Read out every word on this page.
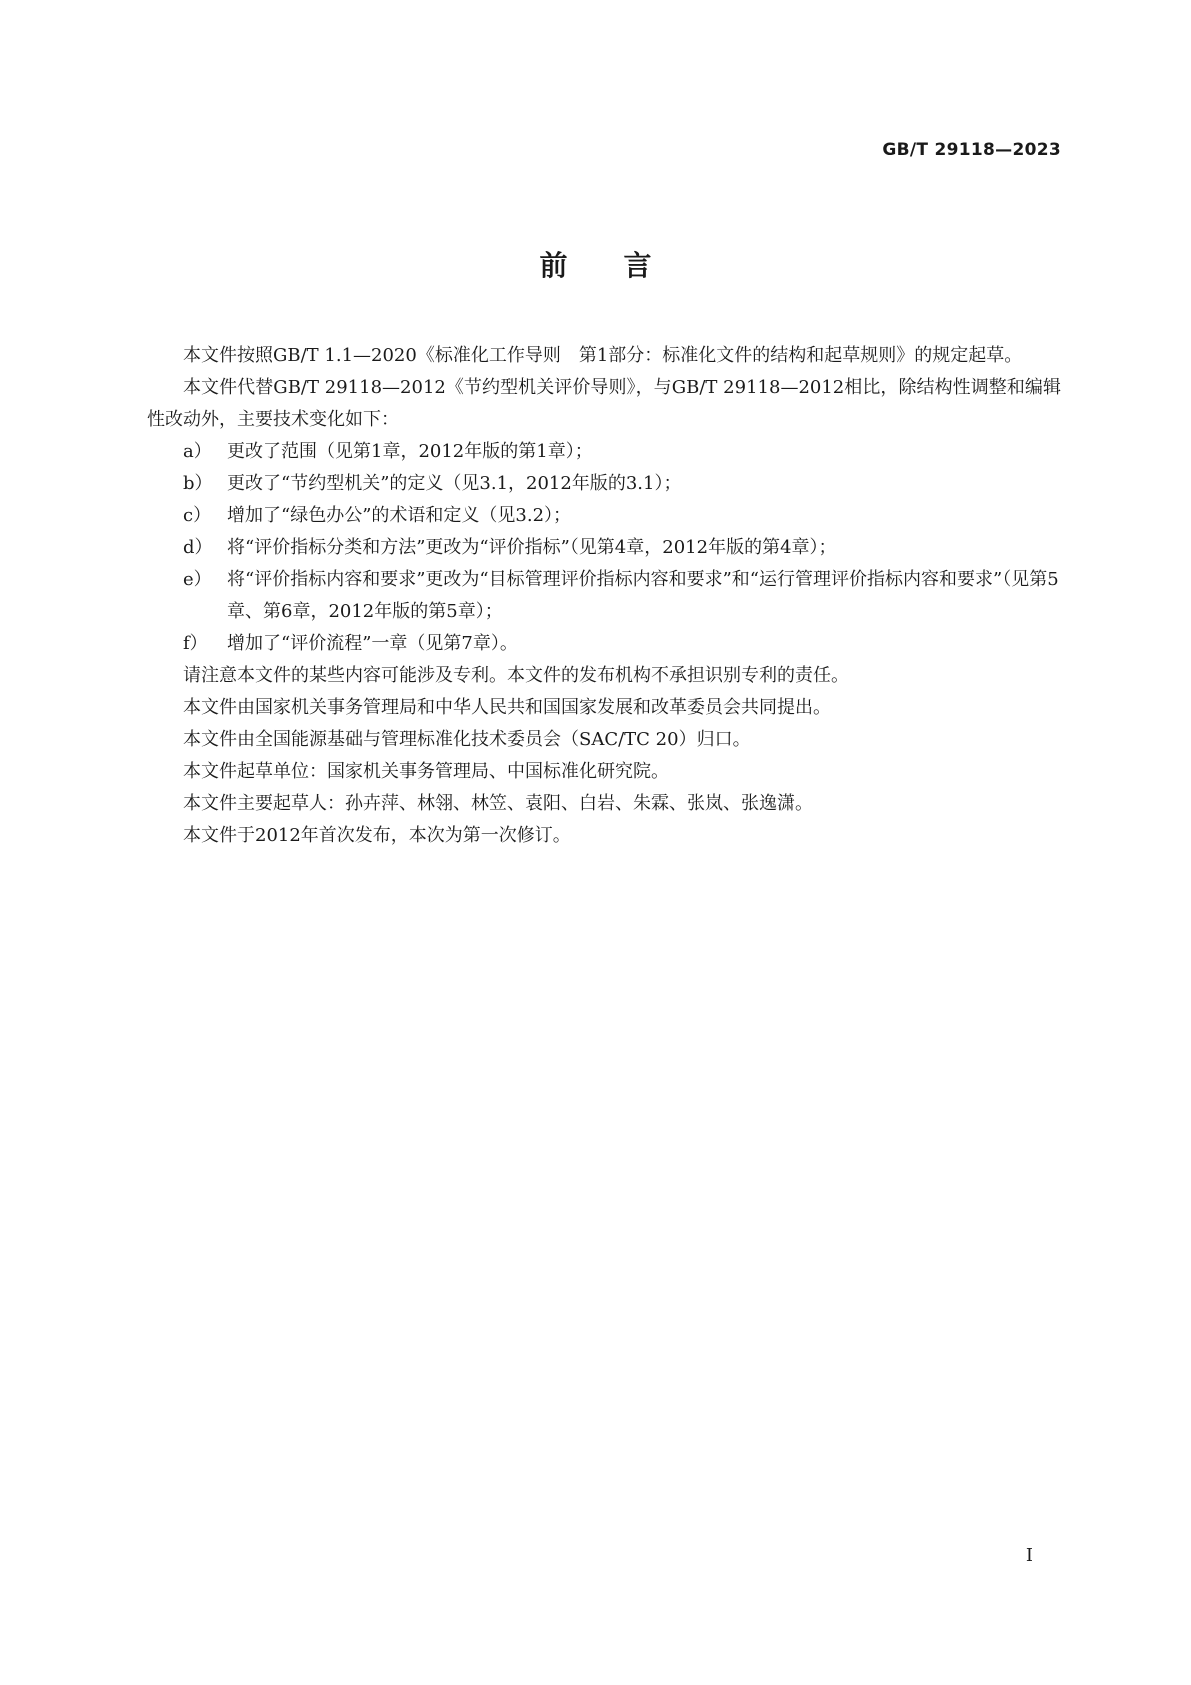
GB/T 29118—2023
前言

本文件按照GB/T 1.1—2020《标准化工作导则　第1部分：标准化文件的结构和起草规则》的规定起草。

本文件代替GB/T 29118—2012《节约型机关评价导则》，与GB/T 29118—2012相比，除结构性调整和编辑性改动外，主要技术变化如下：

a） 更改了范围（见第1章，2012年版的第1章）；
b） 更改了“节约型机关”的定义（见3.1，2012年版的3.1）；
c） 增加了“绿色办公”的术语和定义（见3.2）；
d） 将“评价指标分类和方法”更改为“评价指标”（见第4章，2012年版的第4章）；
e） 将“评价指标内容和要求”更改为“目标管理评价指标内容和要求”和“运行管理评价指标内容和要求”（见第5章、第6章，2012年版的第5章）；
f） 增加了“评价流程”一章（见第7章）。

请注意本文件的某些内容可能涉及专利。本文件的发布机构不承担识别专利的责任。

本文件由国家机关事务管理局和中华人民共和国国家发展和改革委员会共同提出。

本文件由全国能源基础与管理标准化技术委员会（SAC/TC 20）归口。

本文件起草单位：国家机关事务管理局、中国标准化研究院。

本文件主要起草人：孙卉萍、林翎、林笠、袁阳、白岩、朱霖、张岚、张逸潇。

本文件于2012年首次发布，本次为第一次修订。

I
